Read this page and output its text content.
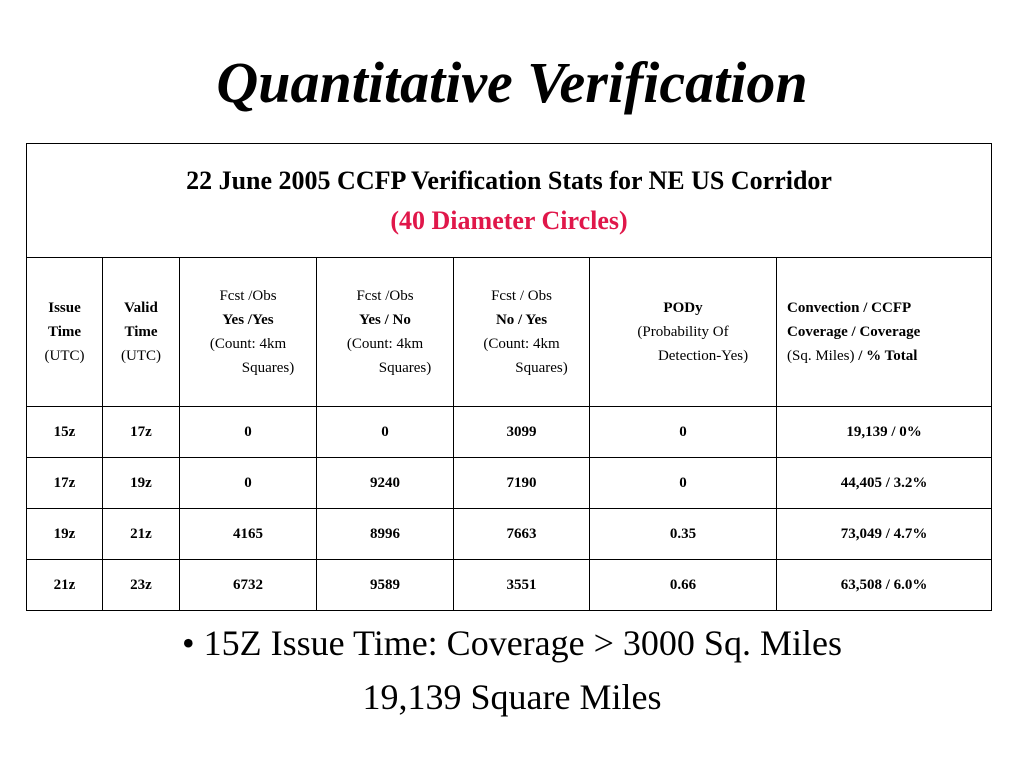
Quantitative Verification
22 June 2005 CCFP Verification Stats for NE US Corridor
(40 Diameter Circles)						

Issue
Time
(UTC)	Valid
Time
(UTC)	Fcst /Obs
Yes /Yes
(Count: 4km
Squares)	Fcst /Obs
Yes / No
(Count: 4km
Squares)	Fcst / Obs
No / Yes
(Count: 4km
Squares)	PODy
(Probability Of
Detection-Yes)	Convection / CCFP
Coverage / Coverage
(Sq. Miles) / % Total

15z	17z	0	0	3099	0	19,139 / 0%
17z	19z	0	9240	7190	0	44,405 / 3.2%
19z	21z	4165	8996	7663	0.35	73,049 / 4.7%
21z	23z	6732	9589	3551	0.66	63,508 / 6.0%
• 15Z Issue Time: Coverage > 3000 Sq. Miles
19,139 Square Miles
